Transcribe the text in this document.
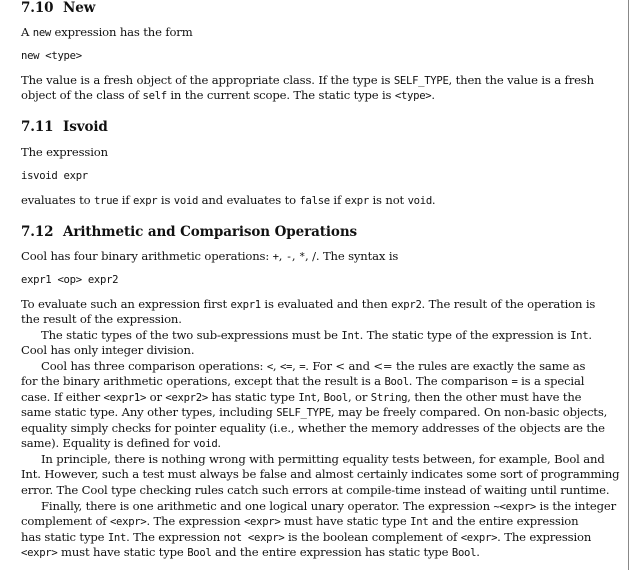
7.10 New
A new expression has the form
new <type>
The value is a fresh object of the appropriate class. If the type is SELF_TYPE, then the value is a fresh
object of the class of self in the current scope. The static type is <type>.
7.11 Isvoid
The expression
isvoid expr
evaluates to true if expr is void and evaluates to false if expr is not void.
7.12 Arithmetic and Comparison Operations
Cool has four binary arithmetic operations: +, -, *, /. The syntax is
expr1 <op> expr2
To evaluate such an expression first expr1 is evaluated and then expr2. The result of the operation is
the result of the expression.
The static types of the two sub-expressions must be Int. The static type of the expression is Int.
Cool has only integer division.
Cool has three comparison operations: <, <=, =. For < and <= the rules are exactly the same as
for the binary arithmetic operations, except that the result is a Bool. The comparison = is a special
case. If either <expr1> or <expr2> has static type Int, Bool, or String, then the other must have the
same static type. Any other types, including SELF_TYPE, may be freely compared. On non-basic objects,
equality simply checks for pointer equality (i.e., whether the memory addresses of the objects are the
same). Equality is defined for void.
In principle, there is nothing wrong with permitting equality tests between, for example, Bool and
Int. However, such a test must always be false and almost certainly indicates some sort of programming
error. The Cool type checking rules catch such errors at compile-time instead of waiting until runtime.
Finally, there is one arithmetic and one logical unary operator. The expression ~<expr> is the integer
complement of <expr>. The expression <expr> must have static type Int and the entire expression
has static type Int. The expression not <expr> is the boolean complement of <expr>. The expression
<expr> must have static type Bool and the entire expression has static type Bool.
